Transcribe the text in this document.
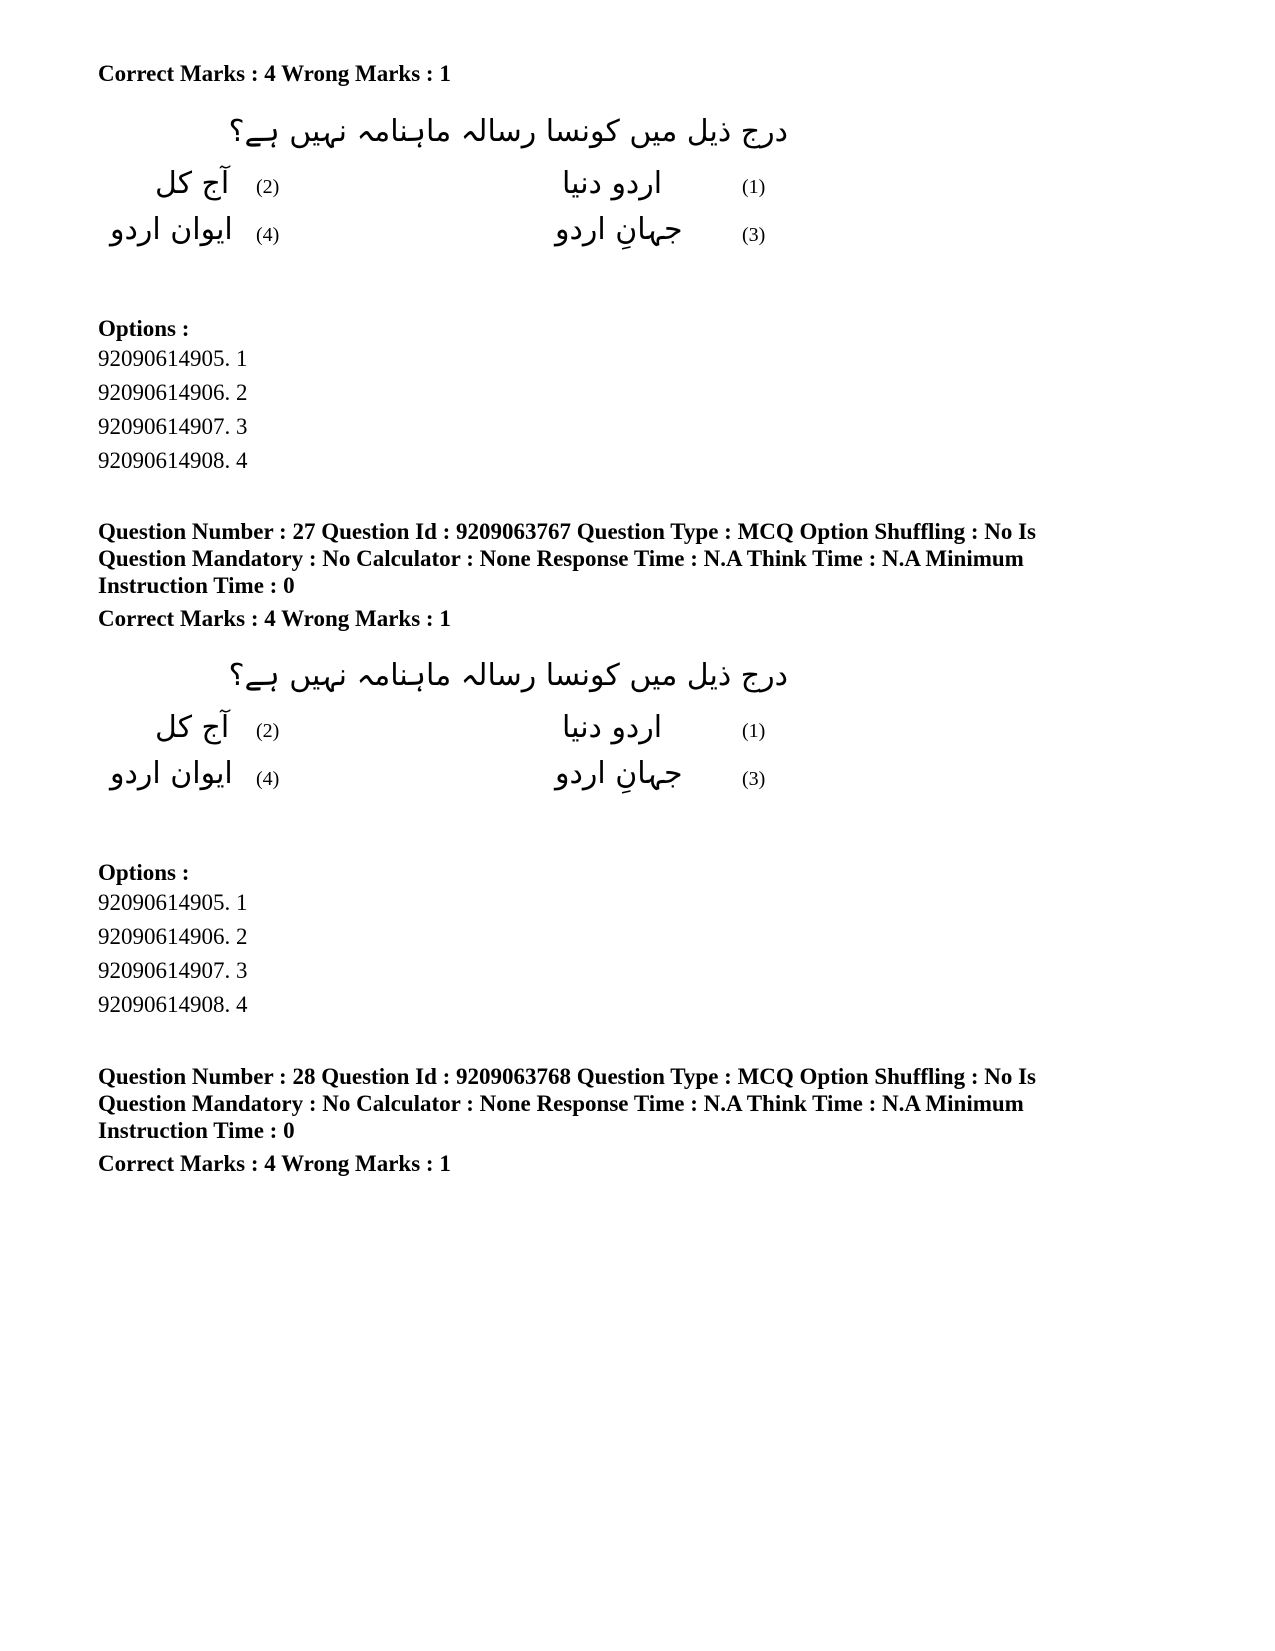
Correct Marks : 4 Wrong Marks : 1
درج ذیل میں کونسا رسالہ ماہنامہ نہیں ہے؟
(1)
اردو دنیا
(2)
آج کل
(3)
جہانِ اردو
(4)
ایوان اردو
Options :
92090614905. 1
92090614906. 2
92090614907. 3
92090614908. 4
Question Number : 27 Question Id : 9209063767 Question Type : MCQ Option Shuffling : No Is
Question Mandatory : No Calculator : None Response Time : N.A Think Time : N.A Minimum
Instruction Time : 0
Correct Marks : 4 Wrong Marks : 1
درج ذیل میں کونسا رسالہ ماہنامہ نہیں ہے؟
(1)
اردو دنیا
(2)
آج کل
(3)
جہانِ اردو
(4)
ایوان اردو
Options :
92090614905. 1
92090614906. 2
92090614907. 3
92090614908. 4
Question Number : 28 Question Id : 9209063768 Question Type : MCQ Option Shuffling : No Is
Question Mandatory : No Calculator : None Response Time : N.A Think Time : N.A Minimum
Instruction Time : 0
Correct Marks : 4 Wrong Marks : 1
